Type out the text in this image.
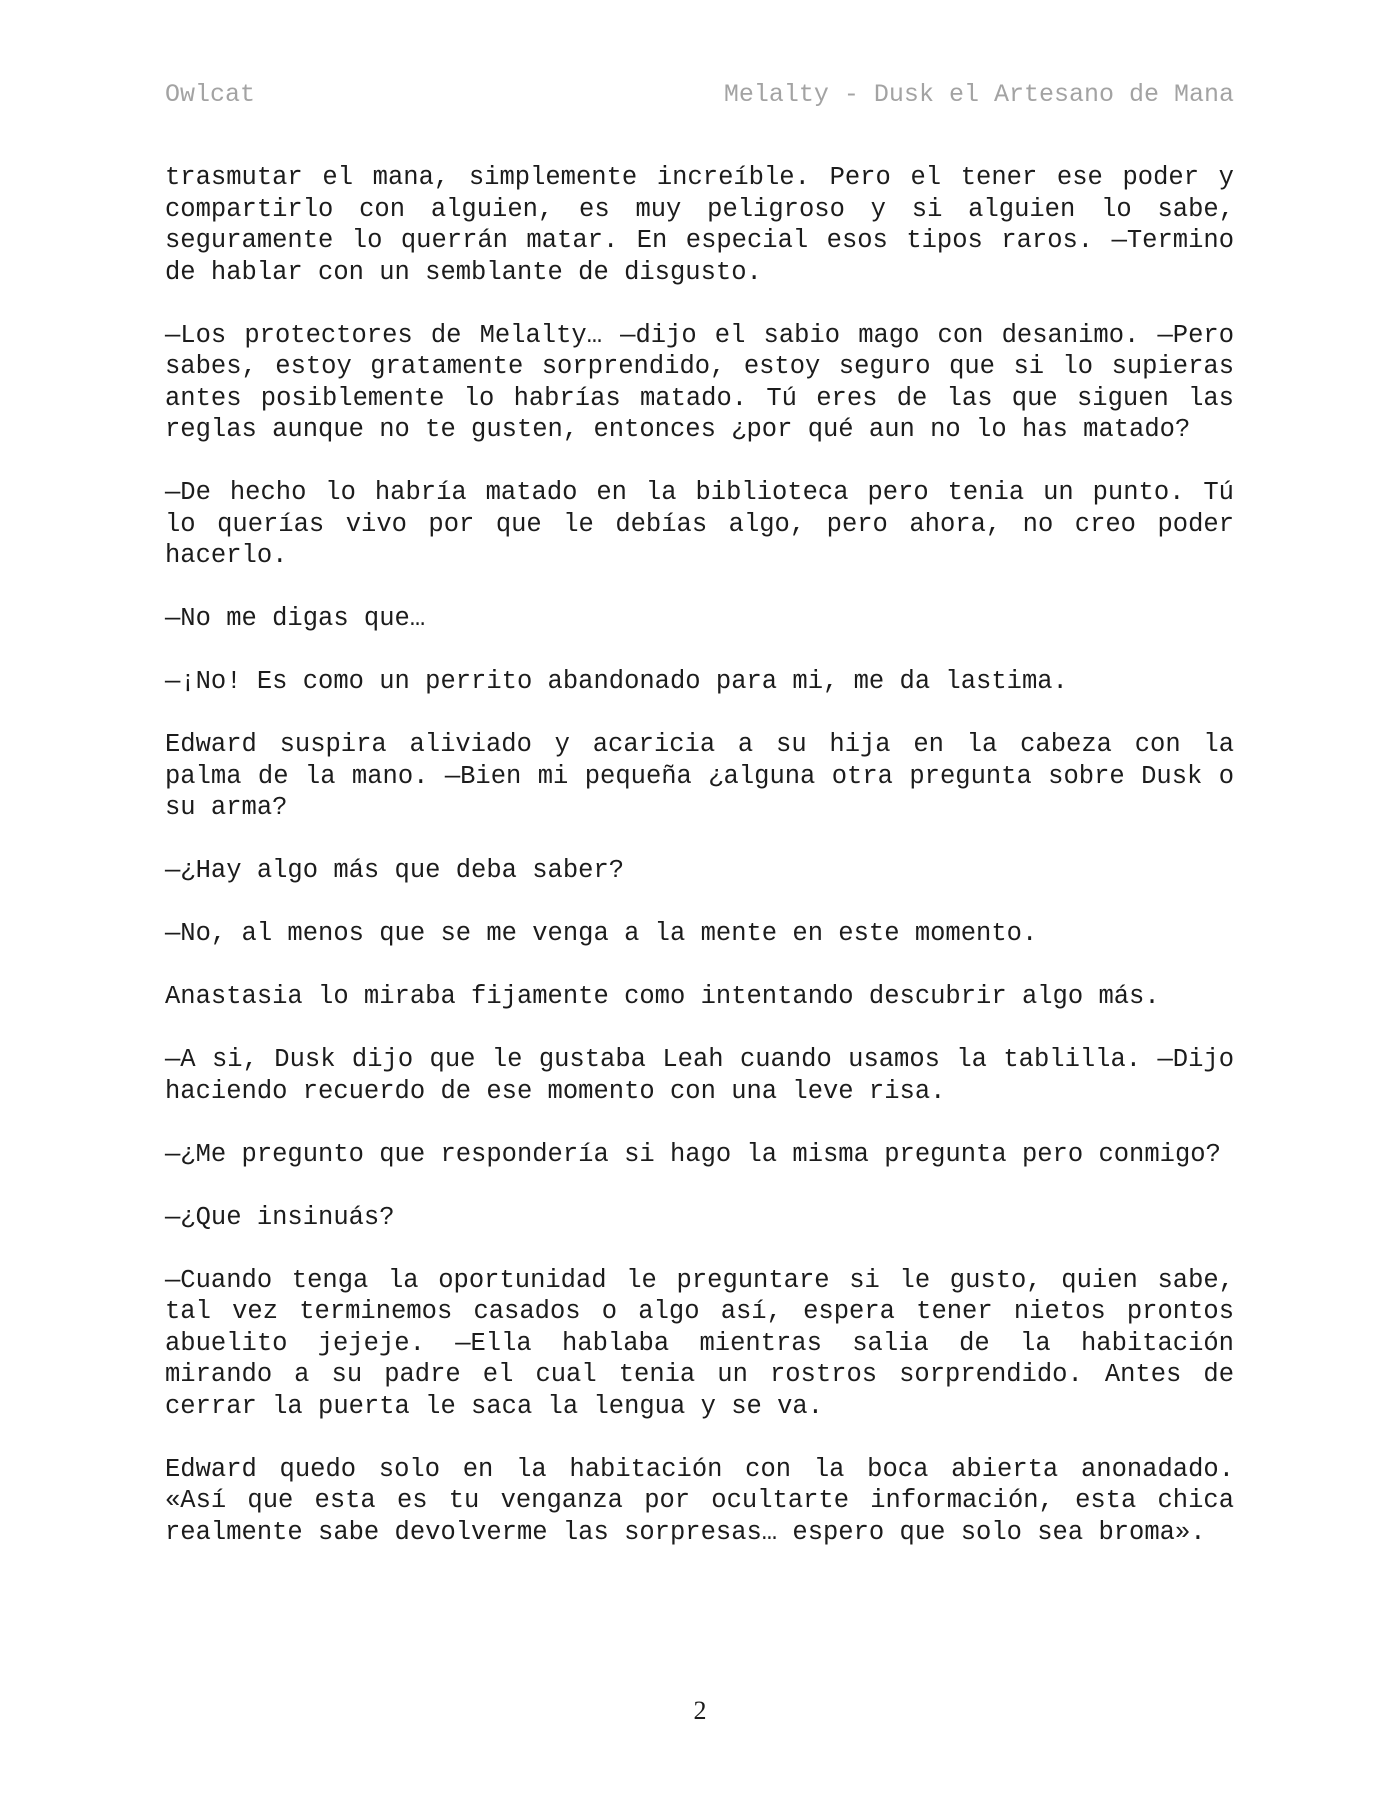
Owlcat	Melalty - Dusk el Artesano de Mana

trasmutar el mana, simplemente increíble. Pero el tener ese poder y compartirlo con alguien, es muy peligroso y si alguien lo sabe, seguramente lo querrán matar. En especial esos tipos raros. —Termino de hablar con un semblante de disgusto.

—Los protectores de Melalty… —dijo el sabio mago con desanimo. —Pero sabes, estoy gratamente sorprendido, estoy seguro que si lo supieras antes posiblemente lo habrías matado. Tú eres de las que siguen las reglas aunque no te gusten, entonces ¿por qué aun no lo has matado?

—De hecho lo habría matado en la biblioteca pero tenia un punto. Tú lo querías vivo por que le debías algo, pero ahora, no creo poder hacerlo.

—No me digas que…

—¡No! Es como un perrito abandonado para mi, me da lastima.

Edward suspira aliviado y acaricia a su hija en la cabeza con la palma de la mano. —Bien mi pequeña ¿alguna otra pregunta sobre Dusk o su arma?

—¿Hay algo más que deba saber?

—No, al menos que se me venga a la mente en este momento.

Anastasia lo miraba fijamente como intentando descubrir algo más.

—A si, Dusk dijo que le gustaba Leah cuando usamos la tablilla. —Dijo haciendo recuerdo de ese momento con una leve risa.

—¿Me pregunto que respondería si hago la misma pregunta pero conmigo?

—¿Que insinuás?

—Cuando tenga la oportunidad le preguntare si le gusto, quien sabe, tal vez terminemos casados o algo así, espera tener nietos prontos abuelito jejeje. —Ella hablaba mientras salia de la habitación mirando a su padre el cual tenia un rostros sorprendido. Antes de cerrar la puerta le saca la lengua y se va.

Edward quedo solo en la habitación con la boca abierta anonadado. «Así que esta es tu venganza por ocultarte información, esta chica realmente sabe devolverme las sorpresas… espero que solo sea broma».

2
